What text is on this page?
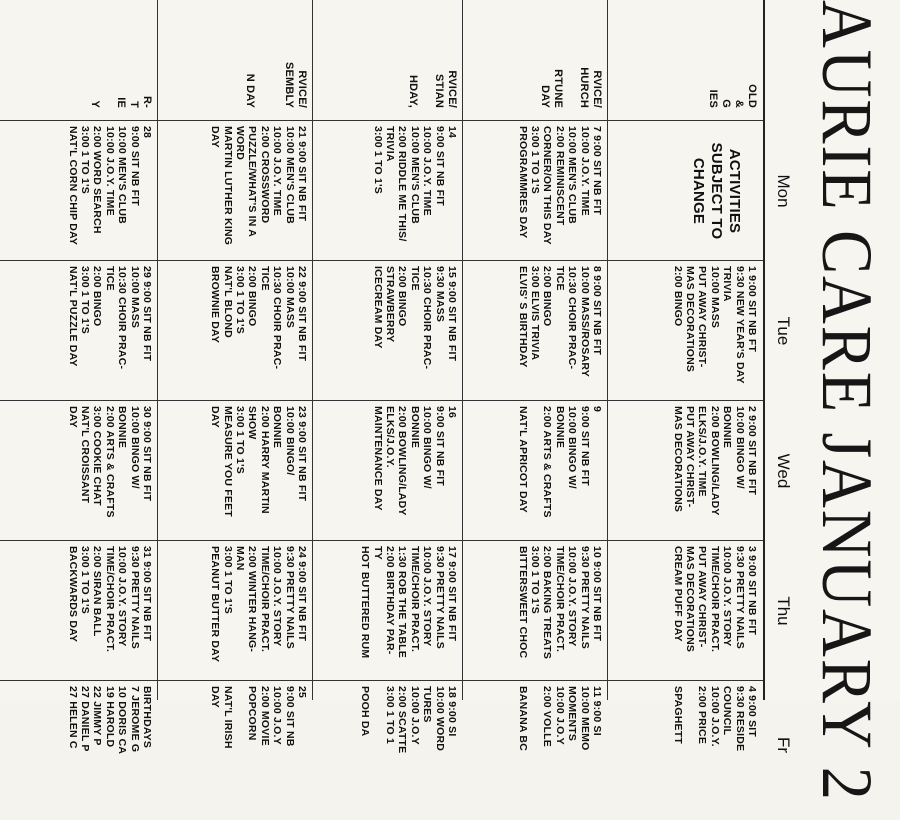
AURIE CARE JANUARY 2
Mon
Tue
Wed
Thu
Fr
OLD
&
G
IES
ACTIVITIES
SUBJECT TO
CHANGE
1 9:00 SIT NB FT
9:30 NEW YEAR'S DAY
TRIVIA
10:00 MASS
PUT AWAY CHRIST-
MAS DECORATIONS
2:00 BINGO
2 9:00 SIT NB FIT
10:00 BINGO W/
BONNIE
2:00 BOWLING/LADY
ELKS/J.O.Y. TIME
PUT AWAY CHRIST-
MAS DECORATIONS
3 9:00 SIT NB FIT
9:30 PRETTY NAILS
10:00 J.O.Y. STORY
TIME/CHOIR PRACT.
PUT AWAY CHRIST-
MAS DECORATIONS
CREAM PUFF DAY
4 9:00 SIT
9:30 RESIDE
COUNCIL
10:00 J.O.Y.
2:00 PRICE

SPAGHETT
RVICE/
HURCH

RTUNE
DAY
7 9:00 SIT NB FIT
10:00 J.O.Y. TIME
10:00 MEN'S CLUB
2:00 REMINISCENT
CORNER/ON THIS DAY
3:00 1 TO 1'S
PROGRAMMRES DAY
8 9:00 SIT NB FIT
10:00 MASS/ROSARY
10:30 CHOIR PRAC-
TICE
2:00 BINGO
3:00 ELVIS TRIVIA
ELVIS' S BIRTHDAY
9
9:00 SIT NB FIT
10:00 BINGO W/
BONNIE
2:00 ARTS & CRAFTS

NAT'L APRICOT DAY
10 9:00 SIT NB FIT
9:30 PRETTY NAILS
10:00 J.O.Y. STORY
TIME/CHOIR PRACT.
2:00 BAKING TREATS
3:00 1 TO 1'S
BITTERSWEET CHOC
11 9:00 SI
10:00 MEMO
MOMENTS
10:00 J.O.Y
2:00 VOLLE

BANANA BC
RVICE/
STIAN

HDAY,
14
9:00 SIT NB FIT
10:00 J.O.Y. TIME
10:00 MEN'S CLUB
2:00 RIDDLE ME THIS/
TRIVIA
3:00 1 TO 1'S
15 9:00 SIT NB FIT
9:30 MASS
10:30 CHOIR PRAC-
TICE
2:00 BINGO
STRAWBERRY
ICECREAM DAY
16
9:00 SIT NB FIT
10:00 BINGO W/
BONNIE
2:00 BOWLING/LADY
ELKS/J.O.Y.
MAINTENANCE DAY
17 9:00 SIT NB FIT
9:30 PRETTY NAILS
10:00 J.O.Y. STORY
TIME/CHOIR PRACT.
1:30 ROB THE TABLE
2:00 BIRTHDAY PAR-
TY
HOT BUTTERED RUM
18 9:00 SI
10:00 WORD
TURES
10:00 J.O.Y
2:00 SCATTE
3:00 1 TO 1

POOH DA
RVICE/
SEMBLY

N DAY
21 9:00 SIT NB FIT
10:00 MEN'S CLUB
10:00 J.O.Y. TIME
2:00 CROSSWORD
PUZZLE/WHAT'S IN A
WORD
MARTIN LUTHER KING
DAY
22 9:00 SIT NB FIT
10:00 MASS
10:30 CHOIR PRAC-
TICE
2:00 BINGO
3:00 1 TO 1'S
NAT'L BLOND
BROWNIE DAY
23 9:00 SIT NB FIT
10:00 BINGO/
BONNIE
2:00 HARRY MARTIN
SHOW
3:00 1 TO 1'S
MEASURE YOU FEET
DAY
24 9:00 SIT NB FIT
9:30 PRETTY NAILS
10:00 J.O.Y. STORY
TIME/CHOIR PRACT.
2:00 WINTER HANG-
MAN
3:00 1 TO 1'S
PEANUT BUTTER DAY
25
9:00 SIT NB
10:00 J.O.Y
2:00 MOVIE
POPCORN

NAT'L IRISH
DAY
R-
T
IE

Y
28
9:00 SIT NB FIT
10:00 MEN'S CLUB
10:00 J.O.Y. TIME
2:00 WORD SEARCH
3:00 1 TO 1'S
NAT'L CORN CHIP DAY
29 9:00 SIT NB FIT
10:00 MASS
10:30 CHOIR PRAC-
TICE
2:00 BINGO
3:00 1 TO 1'S
NAT'L PUZZLE DAY
30 9:00 SIT NB FIT
10:00 BINGO W/
BONNIE
2:00 ARTS & CRAFTS
3:00 COOKIE CHAT
NAT'L CROISSANT
DAY
31 9:00 SIT NB FIT
9:30 PRETTY NAILS
10:00 J.O.Y. STORY
TIME/CHOIR PRACT.
2:00 SIRAN BALL
3:00 1 TO 1'S
BACKWARDS DAY
BIRTHDAYS
7 JEROME G
10 DORIS CA
19 HAROLD
22 JIMMY P
27 DANIEL P
27 HELEN C
